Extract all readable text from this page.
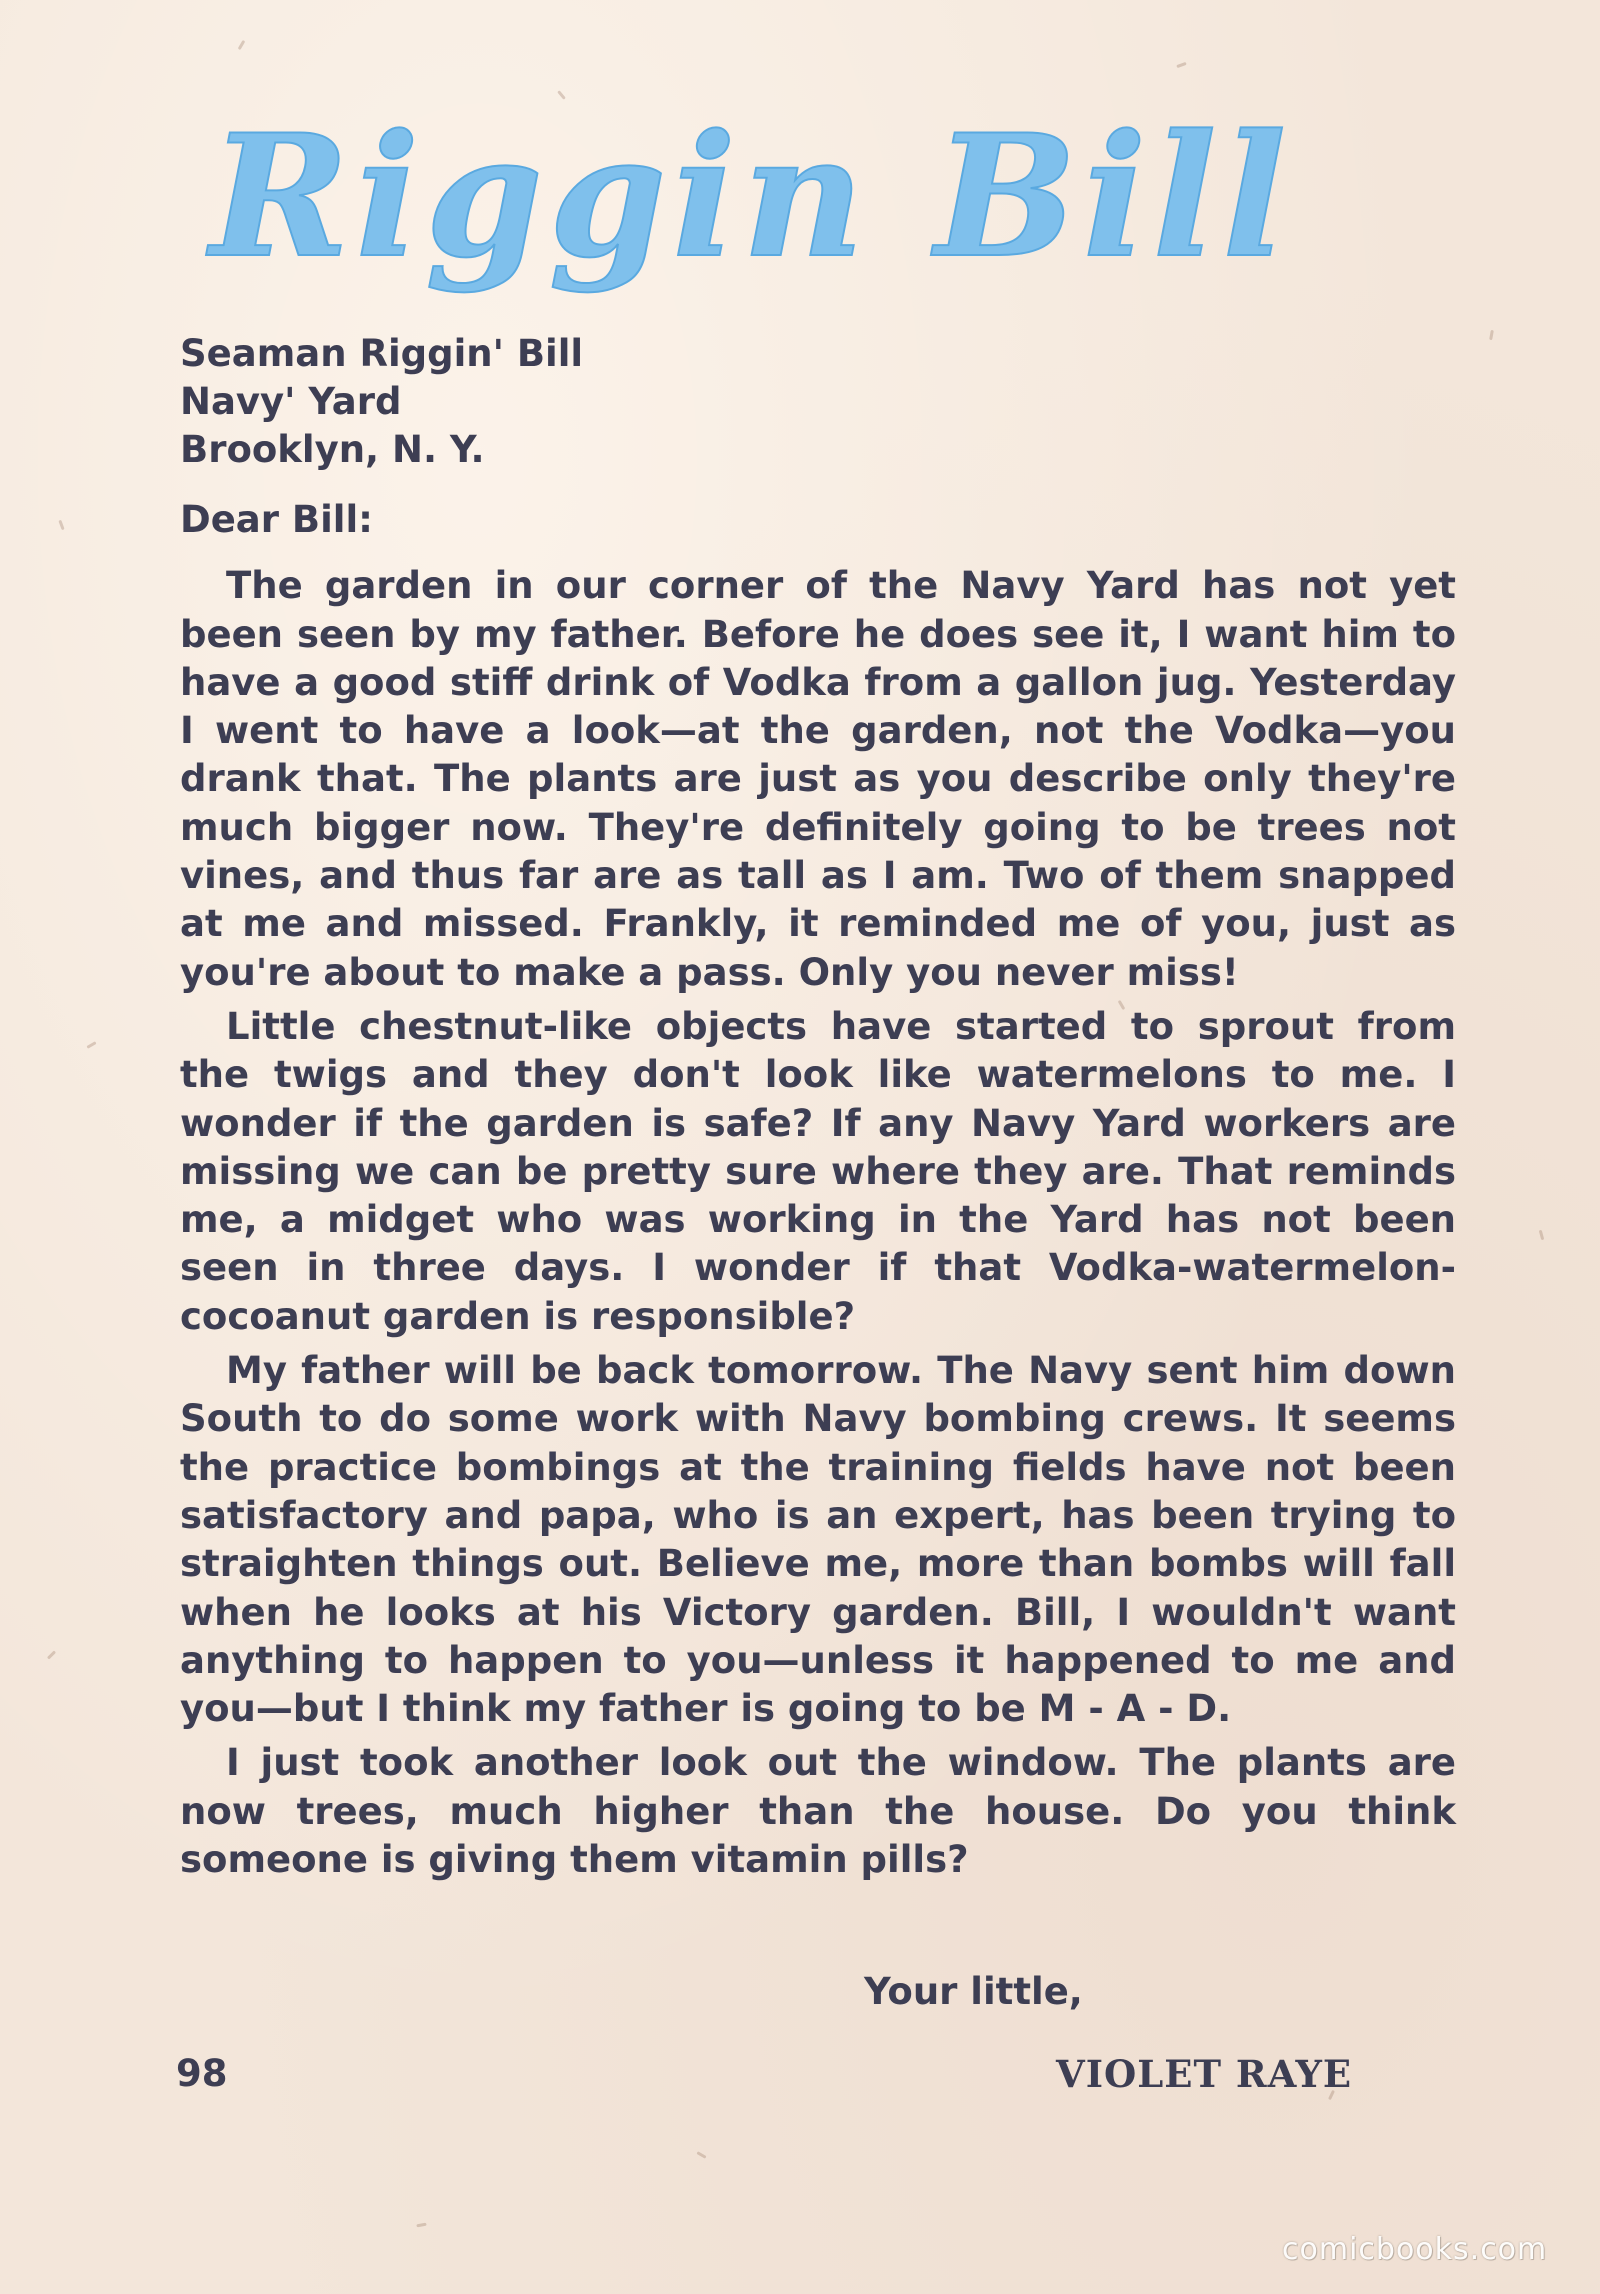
Riggin Bill
Seaman Riggin' Bill
Navy' Yard
Brooklyn, N. Y.
Dear Bill:

The garden in our corner of the Navy Yard has not yet been seen by my father. Before he does see it, I want him to have a good stiff drink of Vodka from a gallon jug. Yesterday I went to have a look—at the garden, not the Vodka—you drank that. The plants are just as you describe only they're much bigger now. They're definitely going to be trees not vines, and thus far are as tall as I am. Two of them snapped at me and missed. Frankly, it reminded me of you, just as you're about to make a pass. Only you never miss!

Little chestnut-like objects have started to sprout from the twigs and they don't look like watermelons to me. I wonder if the garden is safe? If any Navy Yard workers are missing we can be pretty sure where they are. That reminds me, a midget who was working in the Yard has not been seen in three days. I wonder if that Vodka-watermelon-cocoanut garden is responsible?

My father will be back tomorrow. The Navy sent him down South to do some work with Navy bombing crews. It seems the practice bombings at the training fields have not been satisfactory and papa, who is an expert, has been trying to straighten things out. Believe me, more than bombs will fall when he looks at his Victory garden. Bill, I wouldn't want anything to happen to you—unless it happened to me and you—but I think my father is going to be M - A - D.

I just took another look out the window. The plants are now trees, much higher than the house. Do you think someone is giving them vitamin pills?

Your little,
98	VIOLET RAYE
comicbooks.com
